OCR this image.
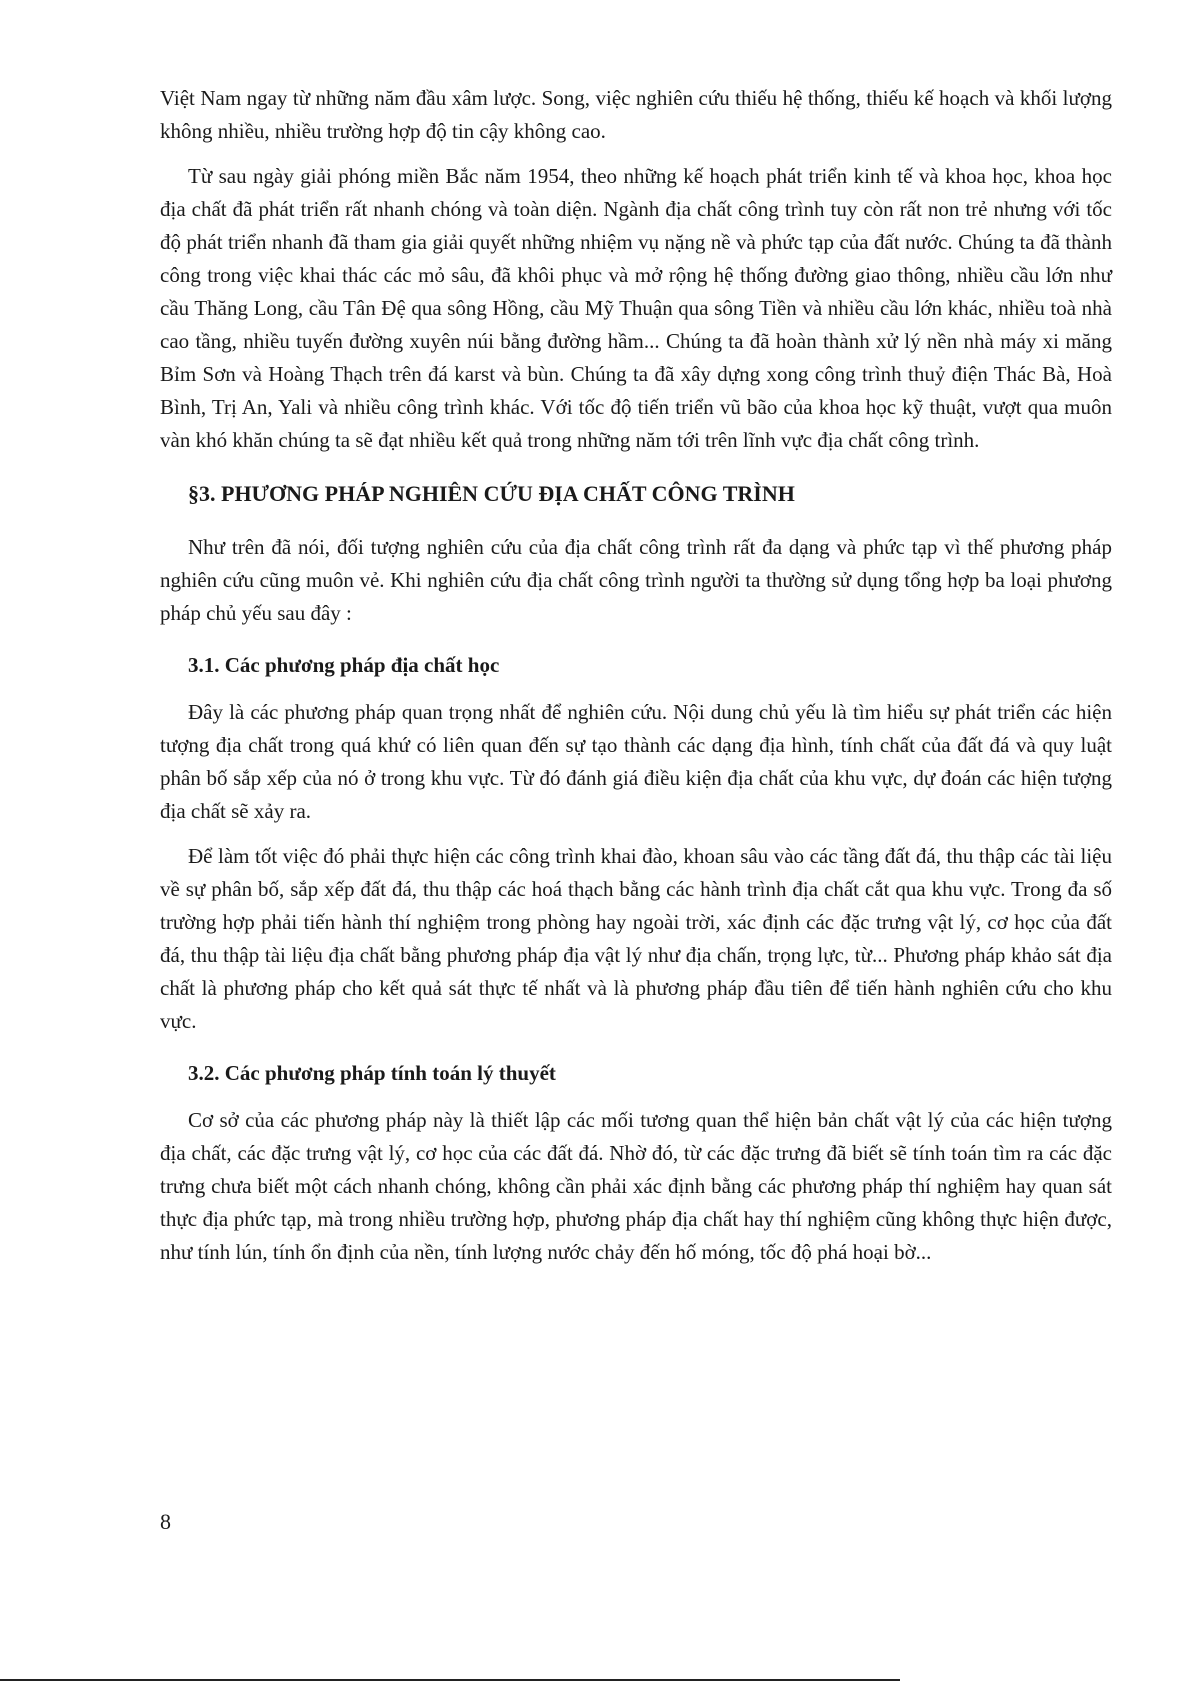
Việt Nam ngay từ những năm đầu xâm lược. Song, việc nghiên cứu thiếu hệ thống, thiếu kế hoạch và khối lượng không nhiều, nhiều trường hợp độ tin cậy không cao.

Từ sau ngày giải phóng miền Bắc năm 1954, theo những kế hoạch phát triển kinh tế và khoa học, khoa học địa chất đã phát triển rất nhanh chóng và toàn diện. Ngành địa chất công trình tuy còn rất non trẻ nhưng với tốc độ phát triển nhanh đã tham gia giải quyết những nhiệm vụ nặng nề và phức tạp của đất nước. Chúng ta đã thành công trong việc khai thác các mỏ sâu, đã khôi phục và mở rộng hệ thống đường giao thông, nhiều cầu lớn như cầu Thăng Long, cầu Tân Đệ qua sông Hồng, cầu Mỹ Thuận qua sông Tiền và nhiều cầu lớn khác, nhiều toà nhà cao tầng, nhiều tuyến đường xuyên núi bằng đường hầm... Chúng ta đã hoàn thành xử lý nền nhà máy xi măng Bỉm Sơn và Hoàng Thạch trên đá karst và bùn. Chúng ta đã xây dựng xong công trình thuỷ điện Thác Bà, Hoà Bình, Trị An, Yali và nhiều công trình khác. Với tốc độ tiến triển vũ bão của khoa học kỹ thuật, vượt qua muôn vàn khó khăn chúng ta sẽ đạt nhiều kết quả trong những năm tới trên lĩnh vực địa chất công trình.

§3. PHƯƠNG PHÁP NGHIÊN CỨU ĐỊA CHẤT CÔNG TRÌNH

Như trên đã nói, đối tượng nghiên cứu của địa chất công trình rất đa dạng và phức tạp vì thế phương pháp nghiên cứu cũng muôn vẻ. Khi nghiên cứu địa chất công trình người ta thường sử dụng tổng hợp ba loại phương pháp chủ yếu sau đây :

3.1. Các phương pháp địa chất học

Đây là các phương pháp quan trọng nhất để nghiên cứu. Nội dung chủ yếu là tìm hiểu sự phát triển các hiện tượng địa chất trong quá khứ có liên quan đến sự tạo thành các dạng địa hình, tính chất của đất đá và quy luật phân bố sắp xếp của nó ở trong khu vực. Từ đó đánh giá điều kiện địa chất của khu vực, dự đoán các hiện tượng địa chất sẽ xảy ra.

Để làm tốt việc đó phải thực hiện các công trình khai đào, khoan sâu vào các tầng đất đá, thu thập các tài liệu về sự phân bố, sắp xếp đất đá, thu thập các hoá thạch bằng các hành trình địa chất cắt qua khu vực. Trong đa số trường hợp phải tiến hành thí nghiệm trong phòng hay ngoài trời, xác định các đặc trưng vật lý, cơ học của đất đá, thu thập tài liệu địa chất bằng phương pháp địa vật lý như địa chấn, trọng lực, từ... Phương pháp khảo sát địa chất là phương pháp cho kết quả sát thực tế nhất và là phương pháp đầu tiên để tiến hành nghiên cứu cho khu vực.

3.2. Các phương pháp tính toán lý thuyết

Cơ sở của các phương pháp này là thiết lập các mối tương quan thể hiện bản chất vật lý của các hiện tượng địa chất, các đặc trưng vật lý, cơ học của các đất đá. Nhờ đó, từ các đặc trưng đã biết sẽ tính toán tìm ra các đặc trưng chưa biết một cách nhanh chóng, không cần phải xác định bằng các phương pháp thí nghiệm hay quan sát thực địa phức tạp, mà trong nhiều trường hợp, phương pháp địa chất hay thí nghiệm cũng không thực hiện được, như tính lún, tính ổn định của nền, tính lượng nước chảy đến hố móng, tốc độ phá hoại bờ...

8
